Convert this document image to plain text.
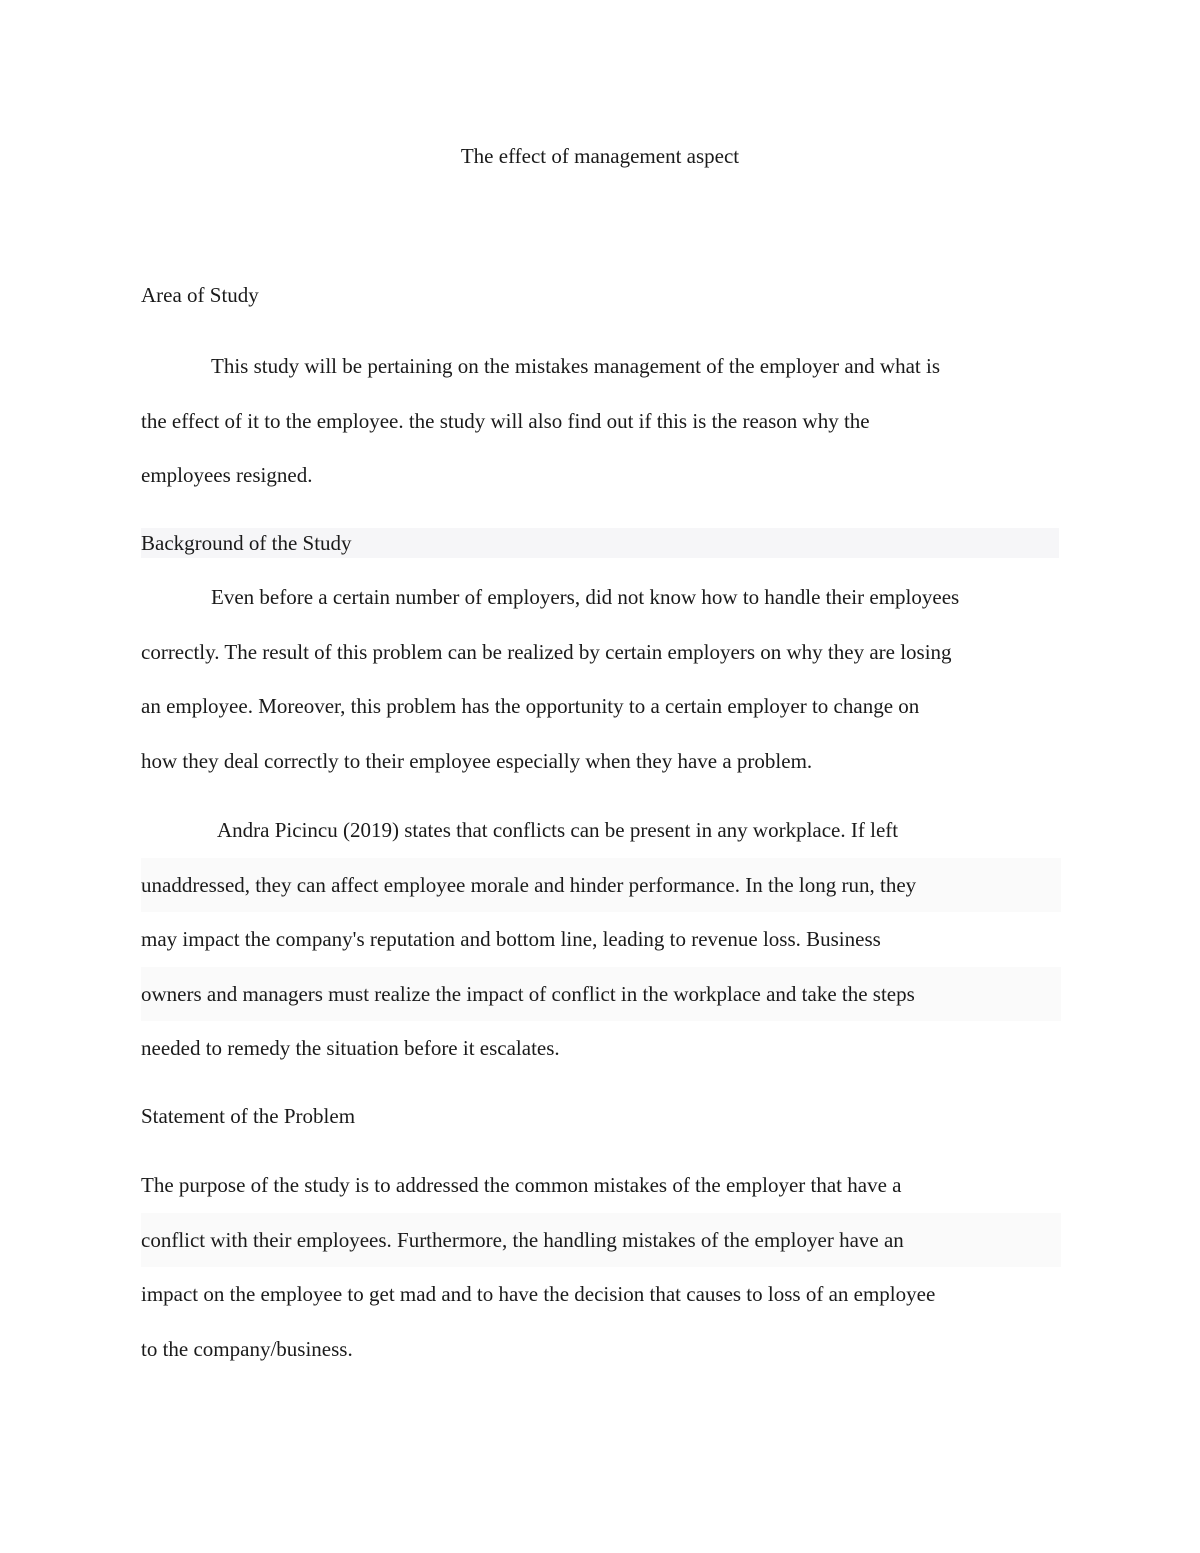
The effect of management aspect
Area of Study
This study will be pertaining on the mistakes management of the employer and what is
the effect of it to the employee. the study will also find out if this is the reason why the
employees resigned.
Background of the Study
Even before a certain number of employers, did not know how to handle their employees
correctly. The result of this problem can be realized by certain employers on why they are losing
an employee. Moreover, this problem has the opportunity to a certain employer to change on
how they deal correctly to their employee especially when they have a problem.
Andra Picincu (2019) states that conflicts can be present in any workplace. If left
unaddressed, they can affect employee morale and hinder performance. In the long run, they
may impact the company's reputation and bottom line, leading to revenue loss. Business
owners and managers must realize the impact of conflict in the workplace and take the steps
needed to remedy the situation before it escalates.
Statement of the Problem
The purpose of the study is to addressed the common mistakes of the employer that have a
conflict with their employees. Furthermore, the handling mistakes of the employer have an
impact on the employee to get mad and to have the decision that causes to loss of an employee
to the company/business.
